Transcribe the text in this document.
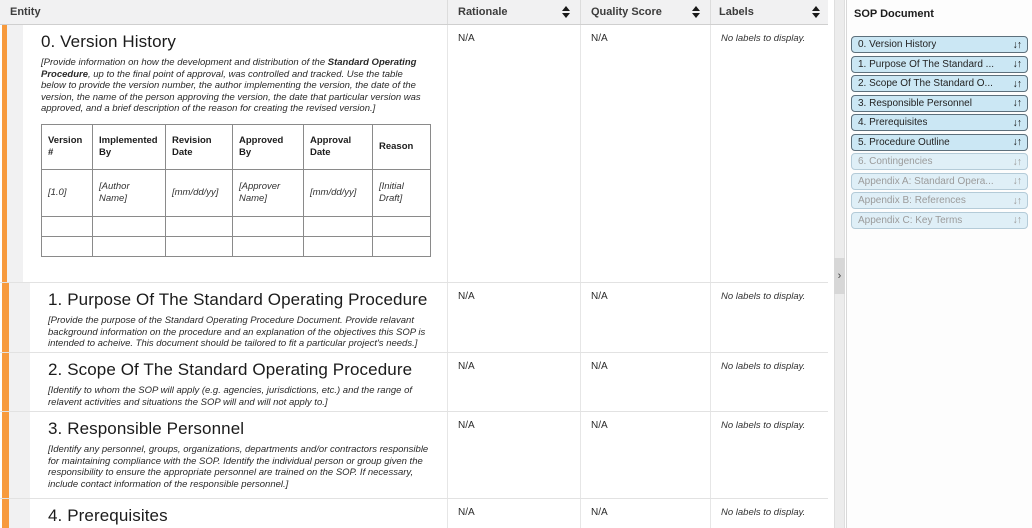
Entity	Rationale	Quality Score	Labels
0. Version History
[Provide information on how the development and distribution of the Standard Operating Procedure, up to the final point of approval, was controlled and tracked. Use the table below to provide the version number, the author implementing the version, the date of the version, the name of the person approving the version, the date that particular version was approved, and a brief description of the reason for creating the revised version.]
Version #	Implemented By	Revision Date	Approved By	Approval Date	Reason
[1.0]	[Author Name]	[mm/dd/yy]	[Approver Name]	[mm/dd/yy]	[Initial Draft]

N/A	N/A	No labels to display.
1. Purpose Of The Standard Operating Procedure
[Provide the purpose of the Standard Operating Procedure Document. Provide relavant background information on the procedure and an explanation of the objectives this SOP is intended to acheive. This document should be tailored to fit a particular project's needs.]
N/A	N/A	No labels to display.
2. Scope Of The Standard Operating Procedure
[Identify to whom the SOP will apply (e.g. agencies, jurisdictions, etc.) and the range of relavent activities and situations the SOP will and will not apply to.]
N/A	N/A	No labels to display.
3. Responsible Personnel
[Identify any personnel, groups, organizations, departments and/or contractors responsible for maintaining compliance with the SOP. Identify the individual person or group given the responsibility to ensure the appropriate personnel are trained on the SOP. If necessary, include contact information of the responsible personnel.]
N/A	N/A	No labels to display.
4. Prerequisites	N/A	N/A	No labels to display.
›
SOP Document
0. Version History	↓↑
1. Purpose Of The Standard ... ↓↑
2. Scope Of The Standard O... ↓↑
3. Responsible Personnel	↓↑
4. Prerequisites	↓↑
5. Procedure Outline	↓↑
6. Contingencies	↓↑
Appendix A: Standard Opera... ↓↑
Appendix B: References	↓↑
Appendix C: Key Terms	↓↑
